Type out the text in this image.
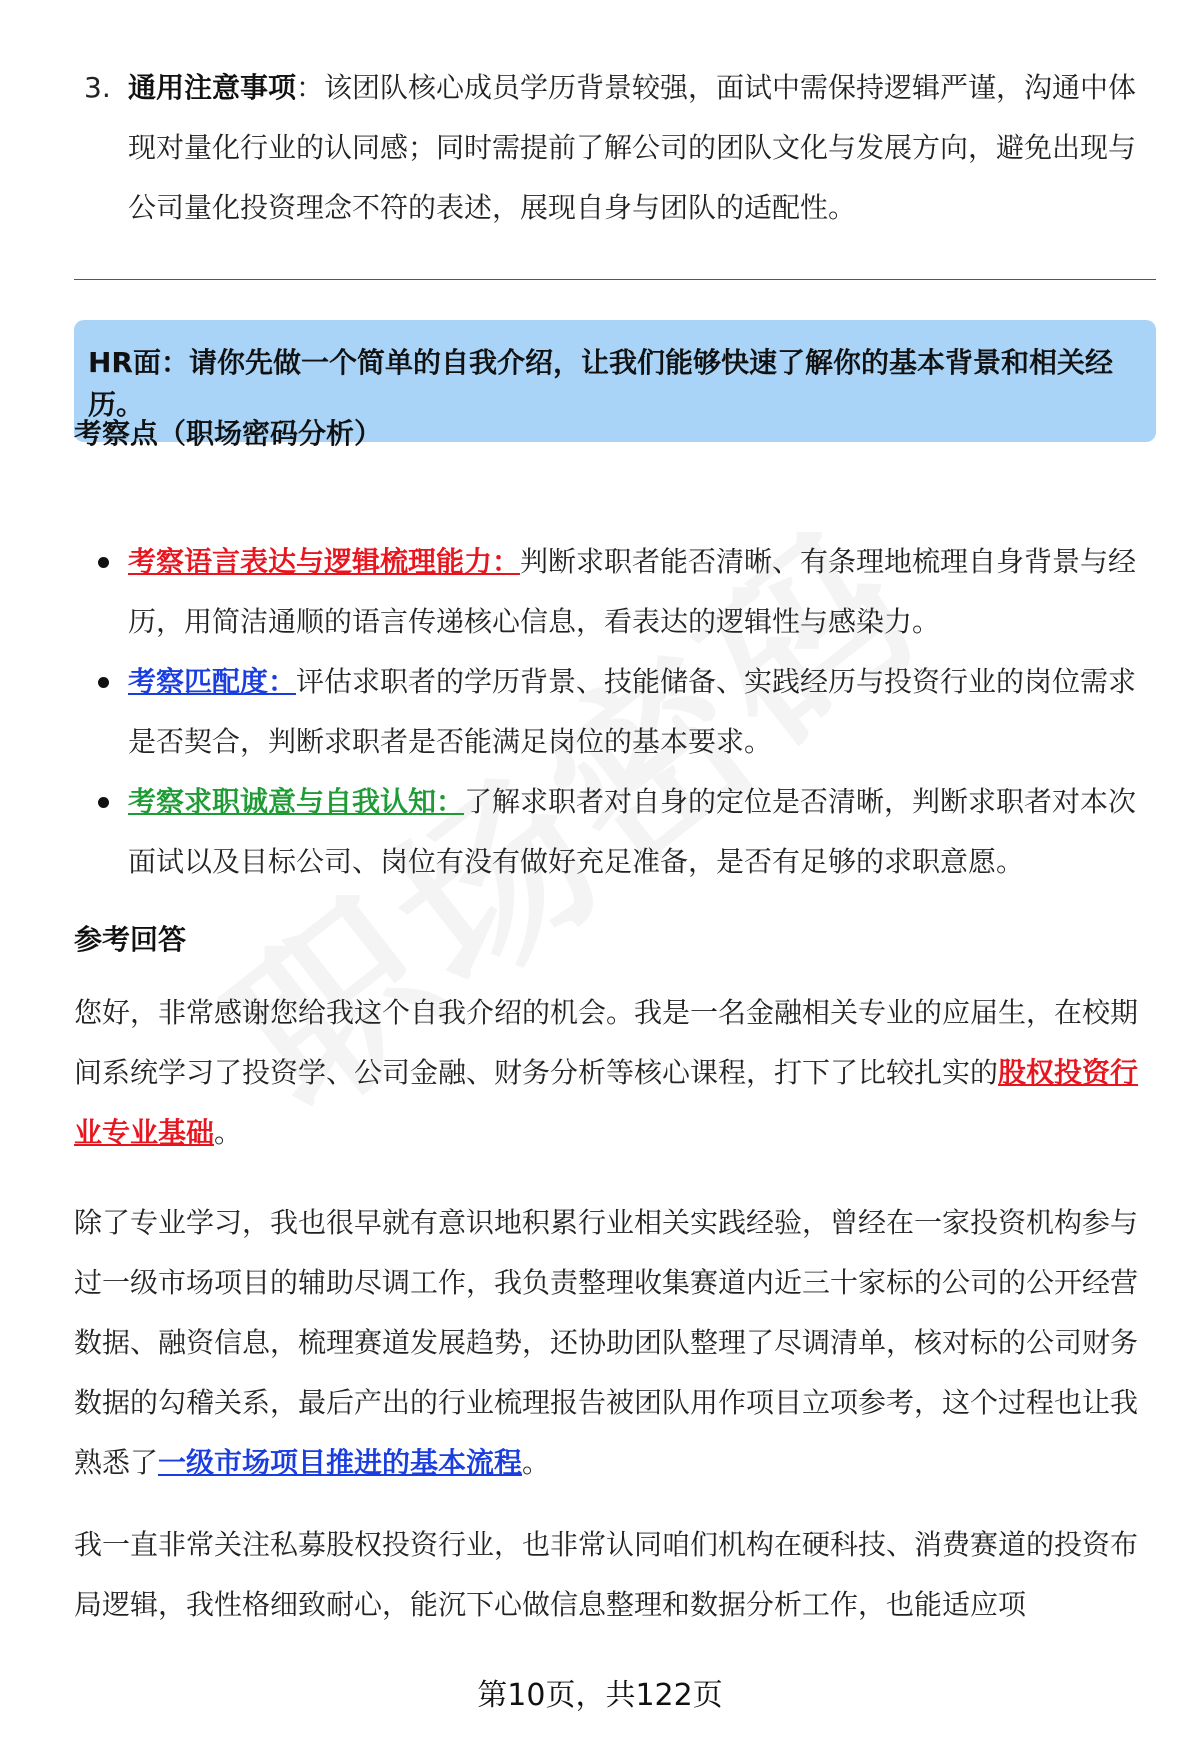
3. 通用注意事项：该团队核心成员学历背景较强，面试中需保持逻辑严谨，沟通中体现对量化行业的认同感；同时需提前了解公司的团队文化与发展方向，避免出现与公司量化投资理念不符的表述，展现自身与团队的适配性。
HR面：请你先做一个简单的自我介绍，让我们能够快速了解你的基本背景和相关经历。
考察点（职场密码分析）
考察语言表达与逻辑梳理能力：判断求职者能否清晰、有条理地梳理自身背景与经历，用简洁通顺的语言传递核心信息，看表达的逻辑性与感染力。
考察匹配度：评估求职者的学历背景、技能储备、实践经历与投资行业的岗位需求是否契合，判断求职者是否能满足岗位的基本要求。
考察求职诚意与自我认知：了解求职者对自身的定位是否清晰，判断求职者对本次面试以及目标公司、岗位有没有做好充足准备，是否有足够的求职意愿。
参考回答
您好，非常感谢您给我这个自我介绍的机会。我是一名金融相关专业的应届生，在校期间系统学习了投资学、公司金融、财务分析等核心课程，打下了比较扎实的股权投资行业专业基础。
除了专业学习，我也很早就有意识地积累行业相关实践经验，曾经在一家投资机构参与过一级市场项目的辅助尽调工作，我负责整理收集赛道内近三十家标的公司的公开经营数据、融资信息，梳理赛道发展趋势，还协助团队整理了尽调清单，核对标的公司财务数据的勾稽关系，最后产出的行业梳理报告被团队用作项目立项参考，这个过程也让我熟悉了一级市场项目推进的基本流程。
我一直非常关注私募股权投资行业，也非常认同咱们机构在硬科技、消费赛道的投资布局逻辑，我性格细致耐心，能沉下心做信息整理和数据分析工作，也能适应项
第10页，共122页
